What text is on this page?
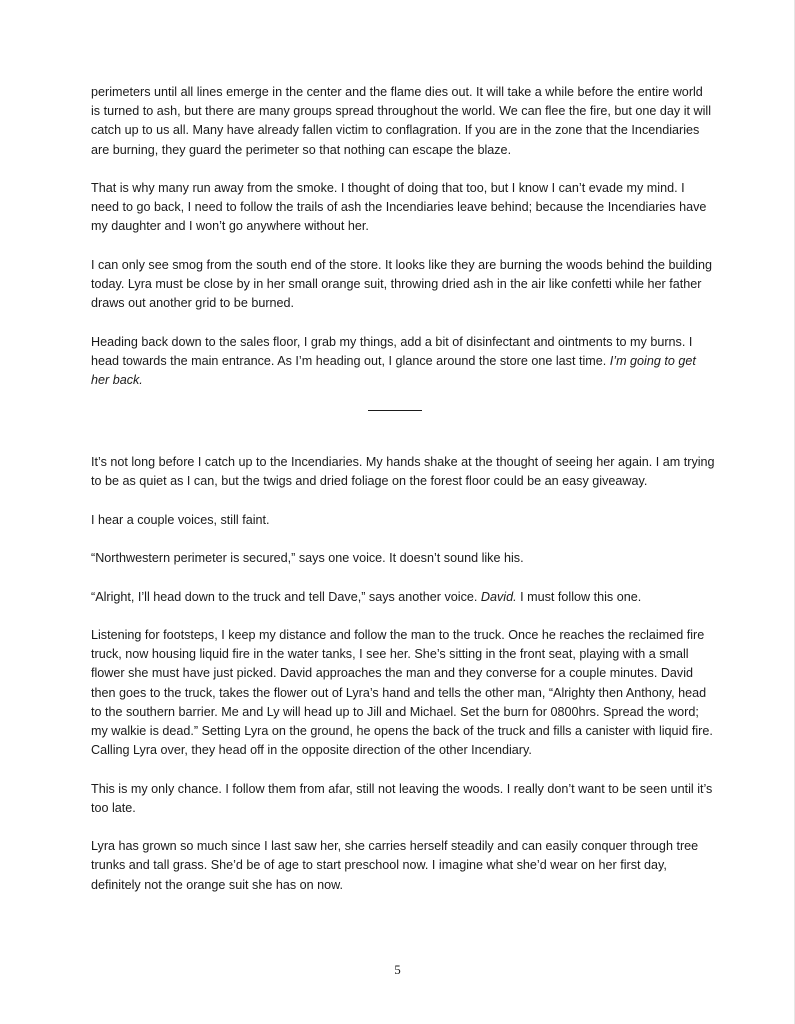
perimeters until all lines emerge in the center and the flame dies out. It will take a while before the entire world is turned to ash, but there are many groups spread throughout the world. We can flee the fire, but one day it will catch up to us all. Many have already fallen victim to conflagration. If you are in the zone that the Incendiaries are burning, they guard the perimeter so that nothing can escape the blaze.

That is why many run away from the smoke. I thought of doing that too, but I know I can’t evade my mind. I need to go back, I need to follow the trails of ash the Incendiaries leave behind; because the Incendiaries have my daughter and I won’t go anywhere without her.

I can only see smog from the south end of the store. It looks like they are burning the woods behind the building today. Lyra must be close by in her small orange suit, throwing dried ash in the air like confetti while her father draws out another grid to be burned.

Heading back down to the sales floor, I grab my things, add a bit of disinfectant and ointments to my burns. I head towards the main entrance. As I’m heading out, I glance around the store one last time. I’m going to get her back.

It’s not long before I catch up to the Incendiaries. My hands shake at the thought of seeing her again. I am trying to be as quiet as I can, but the twigs and dried foliage on the forest floor could be an easy giveaway.

I hear a couple voices, still faint.

“Northwestern perimeter is secured,” says one voice. It doesn’t sound like his.

“Alright, I’ll head down to the truck and tell Dave,” says another voice. David. I must follow this one.

Listening for footsteps, I keep my distance and follow the man to the truck. Once he reaches the reclaimed fire truck, now housing liquid fire in the water tanks, I see her. She’s sitting in the front seat, playing with a small flower she must have just picked. David approaches the man and they converse for a couple minutes. David then goes to the truck, takes the flower out of Lyra’s hand and tells the other man, “Alrighty then Anthony, head to the southern barrier. Me and Ly will head up to Jill and Michael. Set the burn for 0800hrs. Spread the word; my walkie is dead.” Setting Lyra on the ground, he opens the back of the truck and fills a canister with liquid fire. Calling Lyra over, they head off in the opposite direction of the other Incendiary.

This is my only chance. I follow them from afar, still not leaving the woods. I really don’t want to be seen until it’s too late.

Lyra has grown so much since I last saw her, she carries herself steadily and can easily conquer through tree trunks and tall grass. She’d be of age to start preschool now. I imagine what she’d wear on her first day, definitely not the orange suit she has on now.

5
